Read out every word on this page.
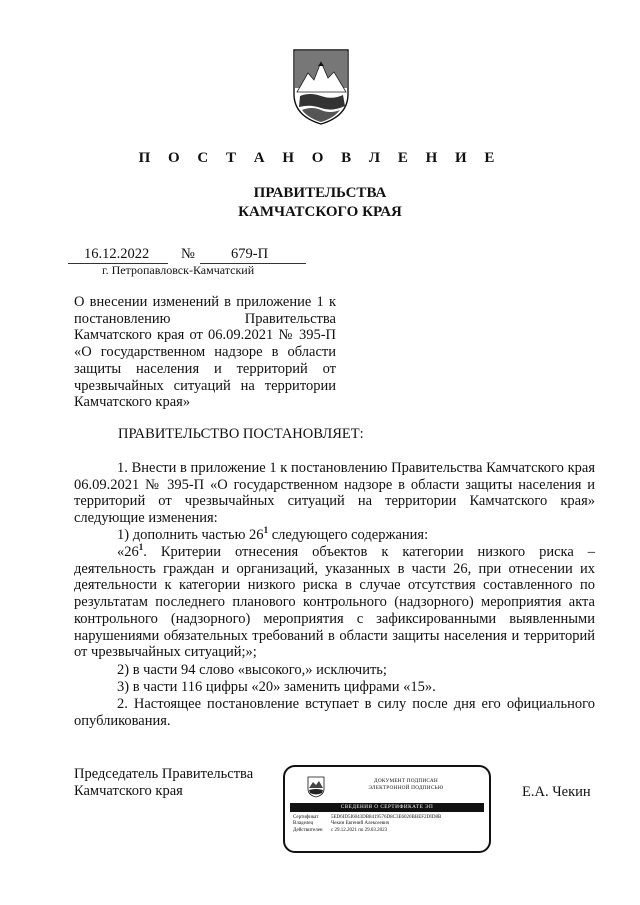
П О С Т А Н О В Л Е Н И Е
ПРАВИТЕЛЬСТВА
КАМЧАТСКОГО КРАЯ
16.12.2022 № 679-П
г. Петропавловск-Камчатский
О внесении изменений в приложение 1 к постановлению Правительства Камчатского края от 06.09.2021 № 395-П «О государственном надзоре в области защиты населения и территорий от чрезвычайных ситуаций на территории Камчатского края»
ПРАВИТЕЛЬСТВО ПОСТАНОВЛЯЕТ:
1. Внести в приложение 1 к постановлению Правительства Камчатского края 06.09.2021 № 395-П «О государственном надзоре в области защиты населения и территорий от чрезвычайных ситуаций на территории Камчатского края» следующие изменения:
1) дополнить частью $26^1$ следующего содержания:
«$26^1$. Критерии отнесения объектов к категории низкого риска – деятельность граждан и организаций, указанных в части 26, при отнесении их деятельности к категории низкого риска в случае отсутствия составленного по результатам последнего планового контрольного (надзорного) мероприятия акта контрольного (надзорного) мероприятия с зафиксированными выявленными нарушениями обязательных требований в области защиты населения и территорий от чрезвычайных ситуаций;»;
2) в части 94 слово «высокого,» исключить;
3) в части 116 цифры «20» заменить цифрами «15».
2. Настоящее постановление вступает в силу после дня его официального опубликования.
Председатель Правительства
Камчатского края
ДОКУМЕНТ ПОДПИСАН
ЭЛЕКТРОННОЙ ПОДПИСЬЮ
СВЕДЕНИЯ О СЕРТИФИКАТЕ ЭП
Сертификат	5ED6ID5I6043DB8419576D8C3E6020BBEF2DID8B
Владелец	Чекин Евгений Алексеевич
Действителен	с 29.12.2021 по 29.03.2023
Е.А. Чекин
